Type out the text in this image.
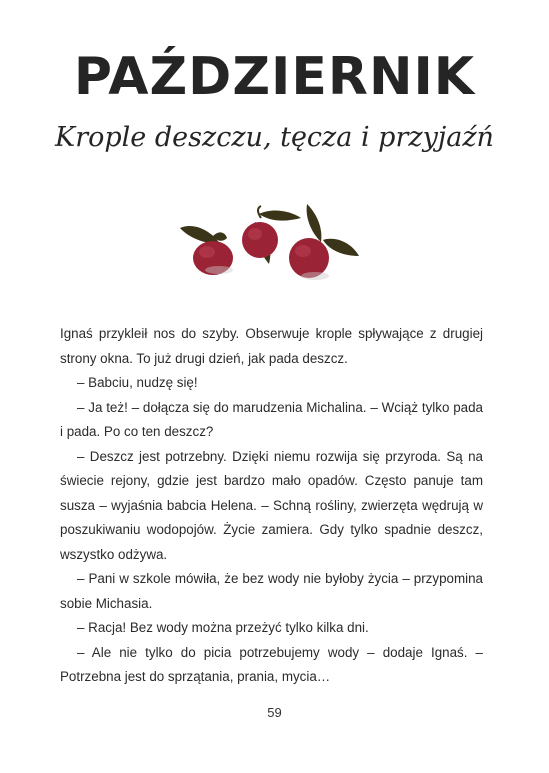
PAŹDZIERNIK
Krople deszczu, tęcza i przyjaźń

Ignaś przykleił nos do szyby. Obserwuje krople spływające z drugiej strony okna. To już drugi dzień, jak pada deszcz.

– Babciu, nudzę się!

– Ja też! – dołącza się do marudzenia Michalina. – Wciąż tylko pada i pada. Po co ten deszcz?

– Deszcz jest potrzebny. Dzięki niemu rozwija się przyroda. Są na świecie rejony, gdzie jest bardzo mało opadów. Często panuje tam susza – wyjaśnia babcia Helena. – Schną rośliny, zwierzęta wędrują w poszukiwaniu wodopojów. Życie zamiera. Gdy tylko spadnie deszcz, wszystko odżywa.

– Pani w szkole mówiła, że bez wody nie byłoby życia – przypomina sobie Michasia.

– Racja! Bez wody można przeżyć tylko kilka dni.

– Ale nie tylko do picia potrzebujemy wody – dodaje Ignaś. – Potrzebna jest do sprzątania, prania, mycia…

59
